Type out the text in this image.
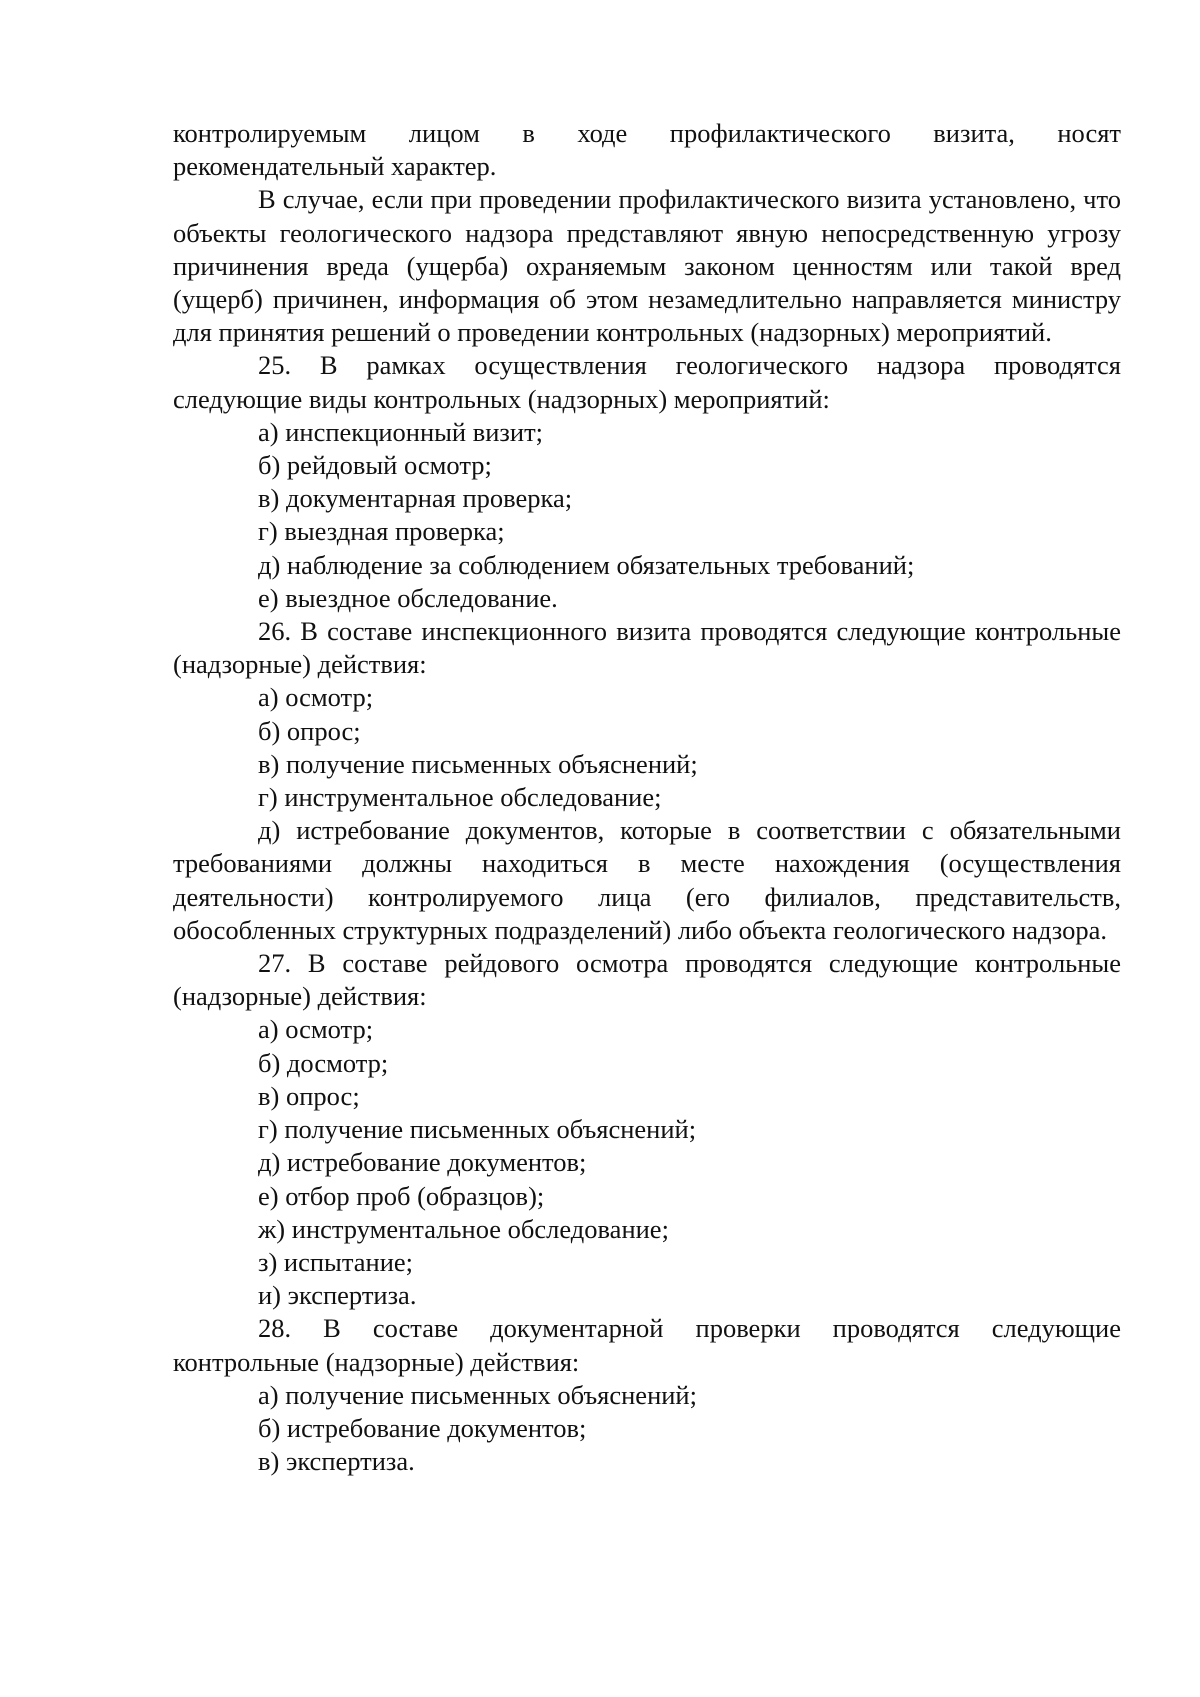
контролируемым лицом в ходе профилактического визита, носят рекомендательный характер.

В случае, если при проведении профилактического визита установлено, что объекты геологического надзора представляют явную непосредственную угрозу причинения вреда (ущерба) охраняемым законом ценностям или такой вред (ущерб) причинен, информация об этом незамедлительно направляется министру для принятия решений о проведении контрольных (надзорных) мероприятий.

25. В рамках осуществления геологического надзора проводятся следующие виды контрольных (надзорных) мероприятий:

а) инспекционный визит;

б) рейдовый осмотр;

в) документарная проверка;

г) выездная проверка;

д) наблюдение за соблюдением обязательных требований;

е) выездное обследование.

26. В составе инспекционного визита проводятся следующие контрольные (надзорные) действия:

а) осмотр;

б) опрос;

в) получение письменных объяснений;

г) инструментальное обследование;

д) истребование документов, которые в соответствии с обязательными требованиями должны находиться в месте нахождения (осуществления деятельности) контролируемого лица (его филиалов, представительств, обособленных структурных подразделений) либо объекта геологического надзора.

27. В составе рейдового осмотра проводятся следующие контрольные (надзорные) действия:

а) осмотр;

б) досмотр;

в) опрос;

г) получение письменных объяснений;

д) истребование документов;

е) отбор проб (образцов);

ж) инструментальное обследование;

з) испытание;

и) экспертиза.

28. В составе документарной проверки проводятся следующие контрольные (надзорные) действия:

а) получение письменных объяснений;

б) истребование документов;

в) экспертиза.
